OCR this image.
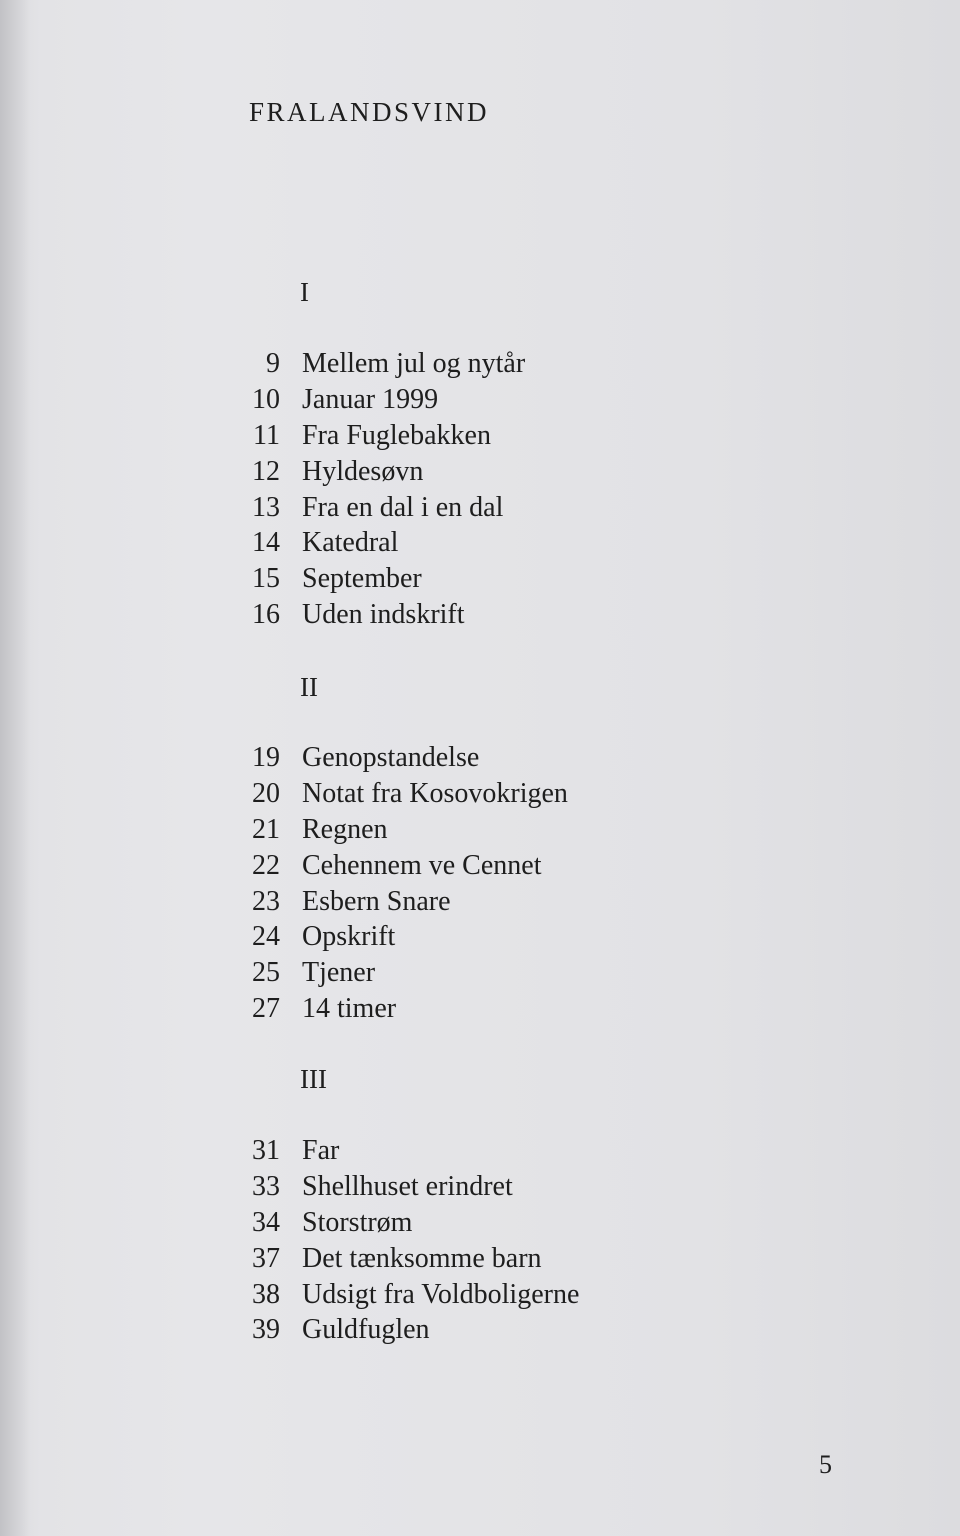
FRALANDSVIND
I
9 Mellem jul og nytår
10 Januar 1999
11 Fra Fuglebakken
12 Hyldesøvn
13 Fra en dal i en dal
14 Katedral
15 September
16 Uden indskrift
II
19 Genopstandelse
20 Notat fra Kosovokrigen
21 Regnen
22 Cehennem ve Cennet
23 Esbern Snare
24 Opskrift
25 Tjener
27 14 timer
III
31 Far
33 Shellhuset erindret
34 Storstrøm
37 Det tænksomme barn
38 Udsigt fra Voldboligerne
39 Guldfuglen
5
